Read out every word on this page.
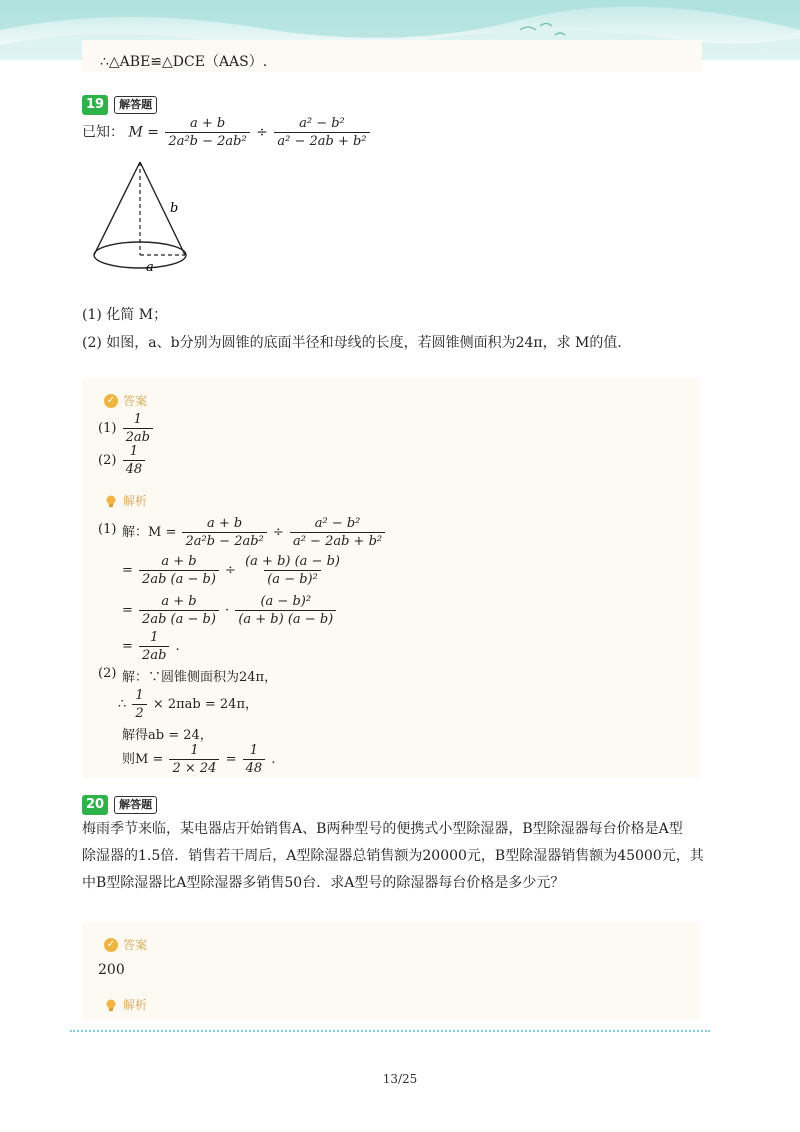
∴△ABE≌△DCE（AAS）.
19	解答题
已知： $M = \frac{a + b}{\text{2a²b − 2ab²}} \div \frac{\text{a² − b²}}{\text{a² − 2ab + b²}}$
b
a
(1) 化简 M；
(2) 如图，a、b分别为圆锥的底面半径和母线的长度，若圆锥侧面积为24π，求 M的值．
✓ 答案
$(1) \frac{1}{2ab}$
$(2) \frac{1}{48}$
解析
(1) 解：$M = \frac{a + b}{\text{2a²b − 2ab²}} \div \frac{\text{a² − b²}}{\text{a² − 2ab + b²}}$
= $\frac{a + b}{2ab (a - b)} \div \frac{(a + b) (a - b)}{\text{(a − b)²}}$
= $\frac{a + b}{2ab (a - b)} \cdot \frac{\text{(a − b)²}}{(a + b) (a - b)}$
= $\frac{1}{2ab}$ .
(2) 解：∵圆锥侧面积为24π，
∴ $\frac{1}{2} \times 2\pi ab = 24\pi$，
解得ab = 24，
则$M = \frac{1}{2 \times 24} = \frac{1}{48}$ .
20	解答题
梅雨季节来临，某电器店开始销售A、B两种型号的便携式小型除湿器，B型除湿器每台价格是A型
除湿器的1.5倍．销售若干周后，A型除湿器总销售额为20000元，B型除湿器销售额为45000元，其
中B型除湿器比A型除湿器多销售50台．求A型号的除湿器每台价格是多少元？
✓ 答案
200
解析
13/25
